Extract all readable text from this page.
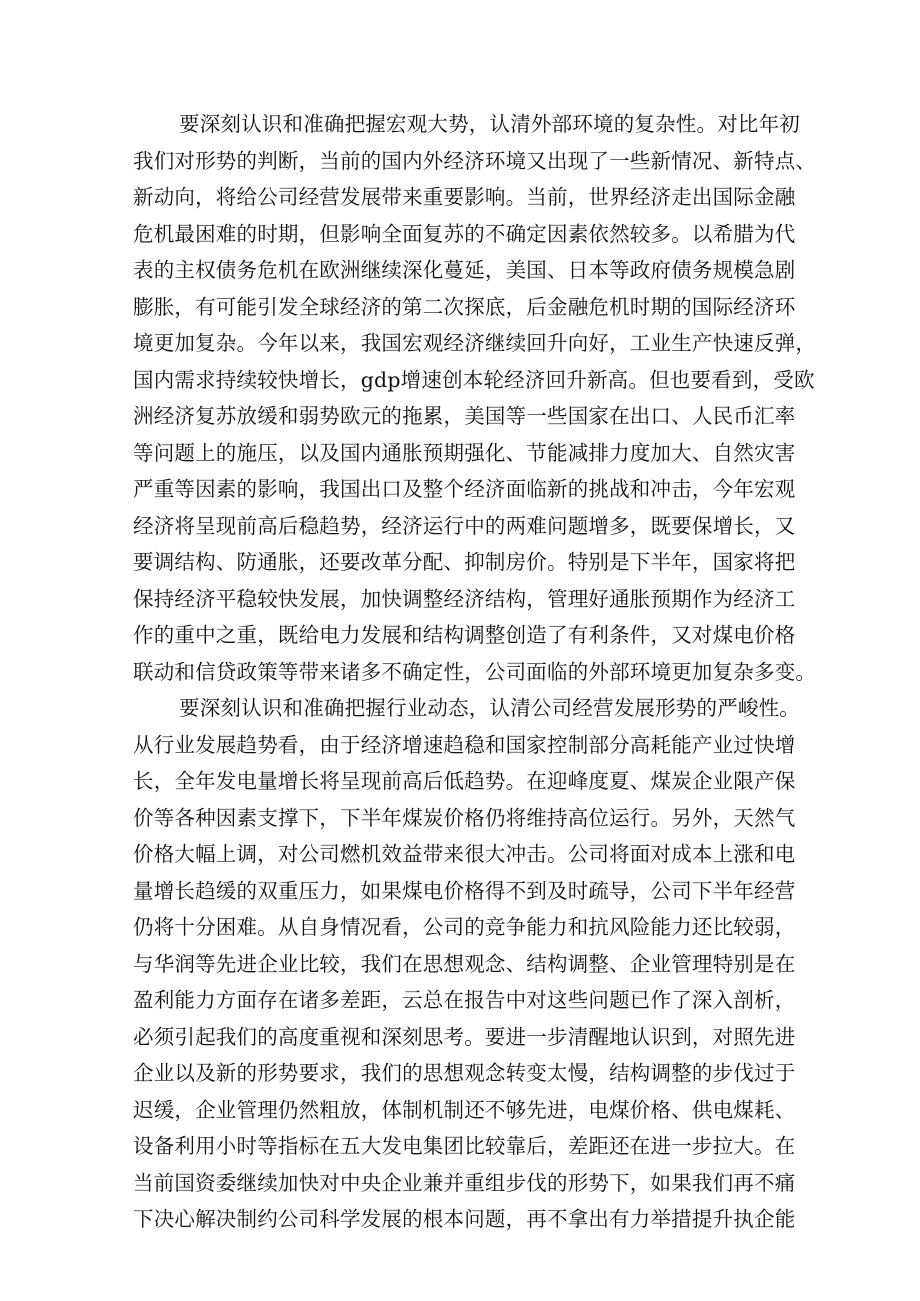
要深刻认识和准确把握宏观大势，认清外部环境的复杂性。对比年初
我们对形势的判断，当前的国内外经济环境又出现了一些新情况、新特点、
新动向，将给公司经营发展带来重要影响。当前，世界经济走出国际金融
危机最困难的时期，但影响全面复苏的不确定因素依然较多。以希腊为代
表的主权债务危机在欧洲继续深化蔓延，美国、日本等政府债务规模急剧
膨胀，有可能引发全球经济的第二次探底，后金融危机时期的国际经济环
境更加复杂。今年以来，我国宏观经济继续回升向好，工业生产快速反弹，
国内需求持续较快增长，gdp增速创本轮经济回升新高。但也要看到，受欧
洲经济复苏放缓和弱势欧元的拖累，美国等一些国家在出口、人民币汇率
等问题上的施压，以及国内通胀预期强化、节能减排力度加大、自然灾害
严重等因素的影响，我国出口及整个经济面临新的挑战和冲击，今年宏观
经济将呈现前高后稳趋势，经济运行中的两难问题增多，既要保增长，又
要调结构、防通胀，还要改革分配、抑制房价。特别是下半年，国家将把
保持经济平稳较快发展，加快调整经济结构，管理好通胀预期作为经济工
作的重中之重，既给电力发展和结构调整创造了有利条件，又对煤电价格
联动和信贷政策等带来诸多不确定性，公司面临的外部环境更加复杂多变。
要深刻认识和准确把握行业动态，认清公司经营发展形势的严峻性。
从行业发展趋势看，由于经济增速趋稳和国家控制部分高耗能产业过快增
长，全年发电量增长将呈现前高后低趋势。在迎峰度夏、煤炭企业限产保
价等各种因素支撑下，下半年煤炭价格仍将维持高位运行。另外，天然气
价格大幅上调，对公司燃机效益带来很大冲击。公司将面对成本上涨和电
量增长趋缓的双重压力，如果煤电价格得不到及时疏导，公司下半年经营
仍将十分困难。从自身情况看，公司的竞争能力和抗风险能力还比较弱，
与华润等先进企业比较，我们在思想观念、结构调整、企业管理特别是在
盈利能力方面存在诸多差距，云总在报告中对这些问题已作了深入剖析，
必须引起我们的高度重视和深刻思考。要进一步清醒地认识到，对照先进
企业以及新的形势要求，我们的思想观念转变太慢，结构调整的步伐过于
迟缓，企业管理仍然粗放，体制机制还不够先进，电煤价格、供电煤耗、
设备利用小时等指标在五大发电集团比较靠后，差距还在进一步拉大。在
当前国资委继续加快对中央企业兼并重组步伐的形势下，如果我们再不痛
下决心解决制约公司科学发展的根本问题，再不拿出有力举措提升执企能
